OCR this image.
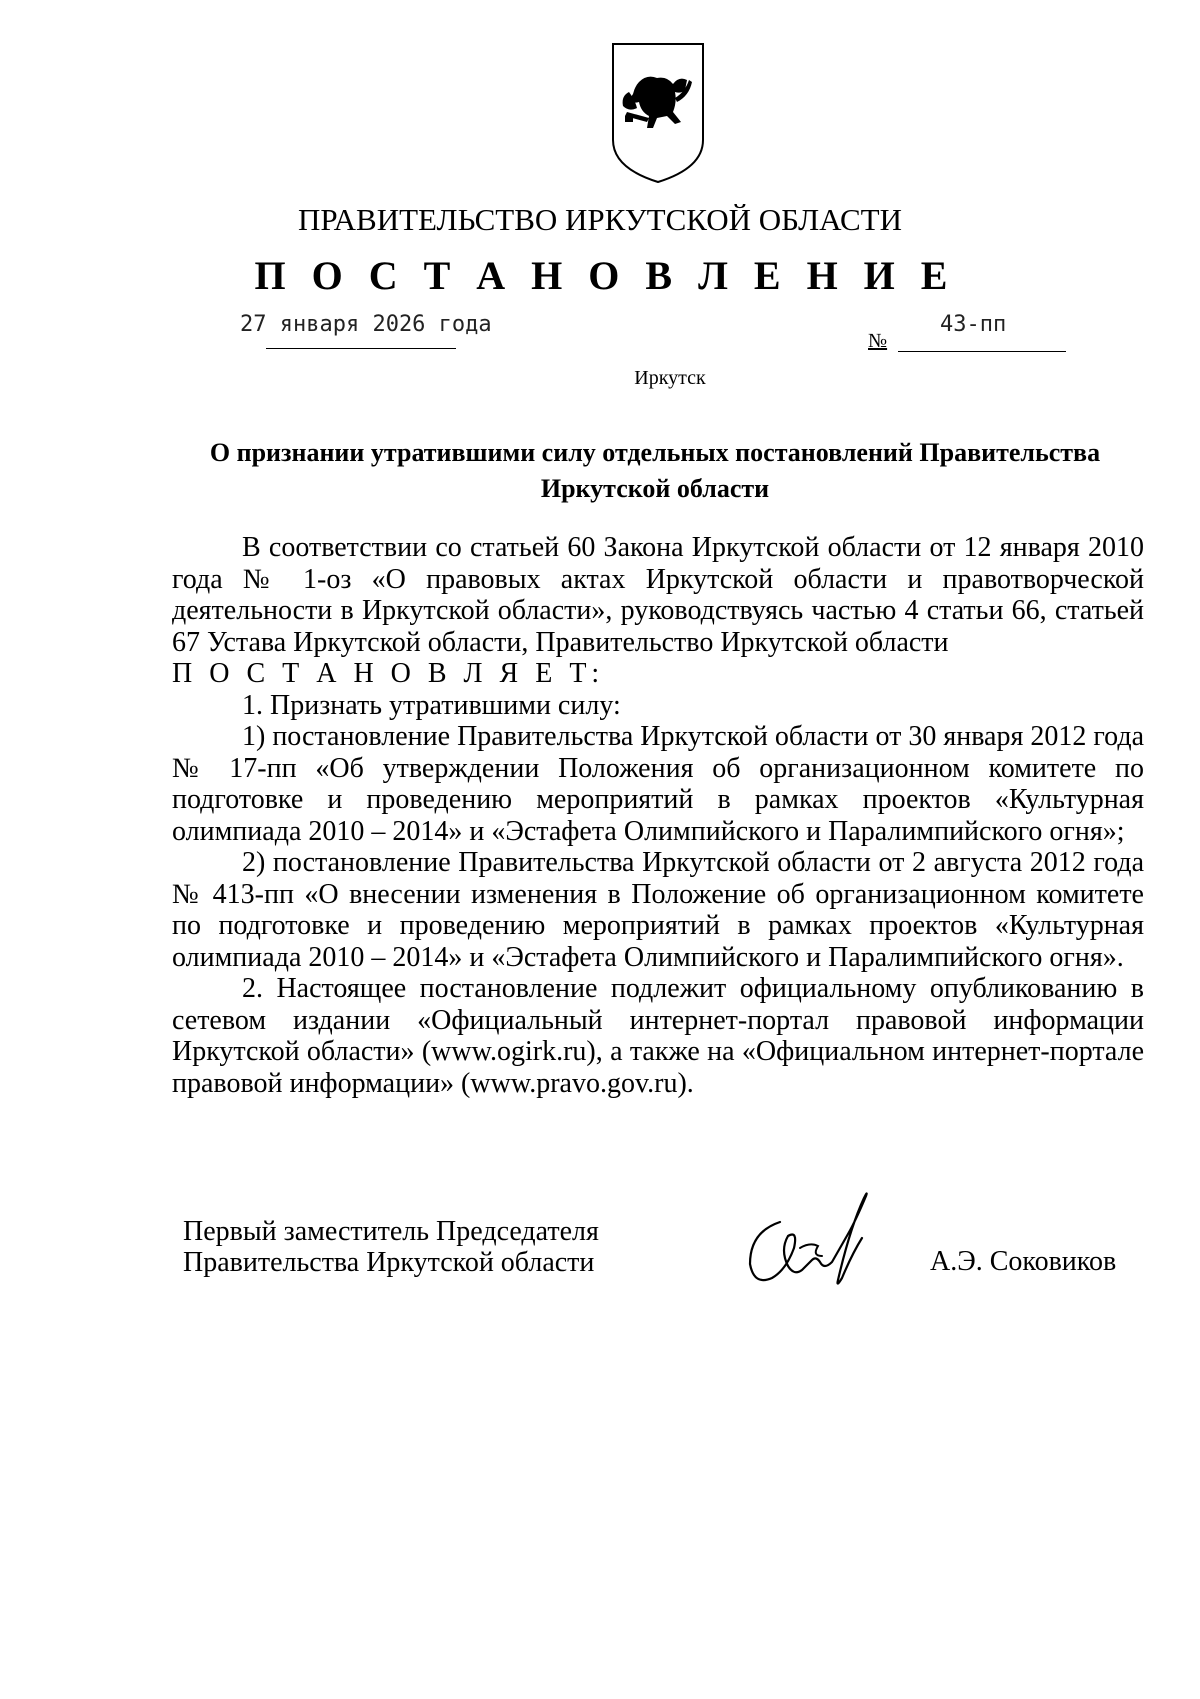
ПРАВИТЕЛЬСТВО ИРКУТСКОЙ ОБЛАСТИ
П О С Т А Н О В Л Е Н И Е
27 января 2026 года
№
43-пп
Иркутск
О признании утратившими силу отдельных постановлений Правительства Иркутской области

В соответствии со статьей 60 Закона Иркутской области от 12 января 2010 года № 1-оз «О правовых актах Иркутской области и правотворческой деятельности в Иркутской области», руководствуясь частью 4 статьи 66, статьей 67 Устава Иркутской области, Правительство Иркутской области

П О С Т А Н О В Л Я Е Т:

1. Признать утратившими силу:

1) постановление Правительства Иркутской области от 30 января 2012 года № 17-пп «Об утверждении Положения об организационном комитете по подготовке и проведению мероприятий в рамках проектов «Культурная олимпиада 2010 – 2014» и «Эстафета Олимпийского и Паралимпийского огня»;

2) постановление Правительства Иркутской области от 2 августа 2012 года № 413-пп «О внесении изменения в Положение об организационном комитете по подготовке и проведению мероприятий в рамках проектов «Культурная олимпиада 2010 – 2014» и «Эстафета Олимпийского и Паралимпийского огня».

2. Настоящее постановление подлежит официальному опубликованию в сетевом издании «Официальный интернет-портал правовой информации Иркутской области» (www.ogirk.ru), а также на «Официальном интернет-портале правовой информации» (www.pravo.gov.ru).

Первый заместитель Председателя
Правительства Иркутской области	А.Э. Соковиков
